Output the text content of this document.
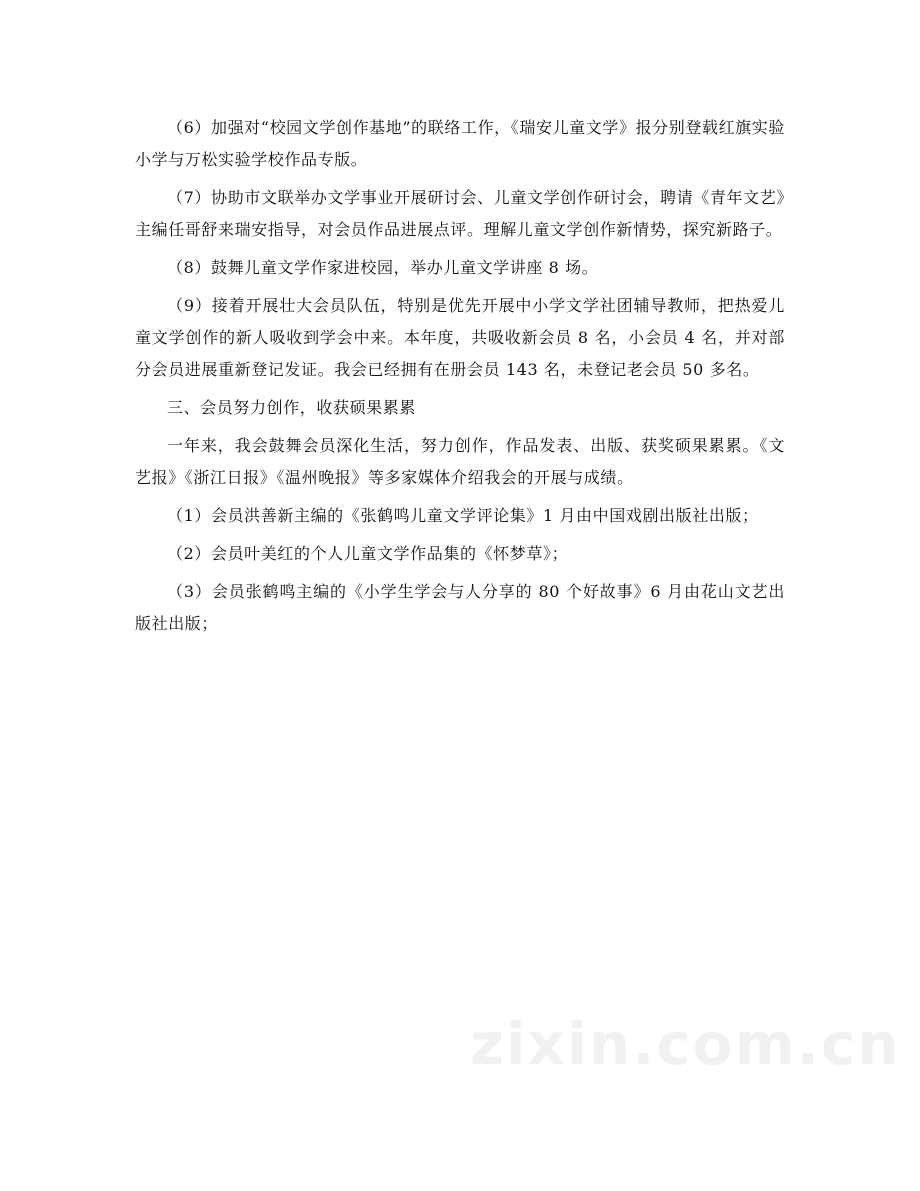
（6）加强对“校园文学创作基地”的联络工作，《瑞安儿童文学》报分别登载红旗实验小学与万松实验学校作品专版。

（7）协助市文联举办文学事业开展研讨会、儿童文学创作研讨会，聘请《青年文艺》主编任哥舒来瑞安指导，对会员作品进展点评。理解儿童文学创作新情势，探究新路子。

（8）鼓舞儿童文学作家进校园，举办儿童文学讲座 8 场。

（9）接着开展壮大会员队伍，特别是优先开展中小学文学社团辅导教师，把热爱儿童文学创作的新人吸收到学会中来。本年度，共吸收新会员 8 名，小会员 4 名，并对部分会员进展重新登记发证。我会已经拥有在册会员 143 名，未登记老会员 50 多名。

三、会员努力创作，收获硕果累累

一年来，我会鼓舞会员深化生活，努力创作，作品发表、出版、获奖硕果累累。《文艺报》《浙江日报》《温州晚报》等多家媒体介绍我会的开展与成绩。

（1）会员洪善新主编的《张鹤鸣儿童文学评论集》1 月由中国戏剧出版社出版；

（2）会员叶美红的个人儿童文学作品集的《怀梦草》；

（3）会员张鹤鸣主编的《小学生学会与人分享的 80 个好故事》6 月由花山文艺出版社出版；

zixin.com.cn
